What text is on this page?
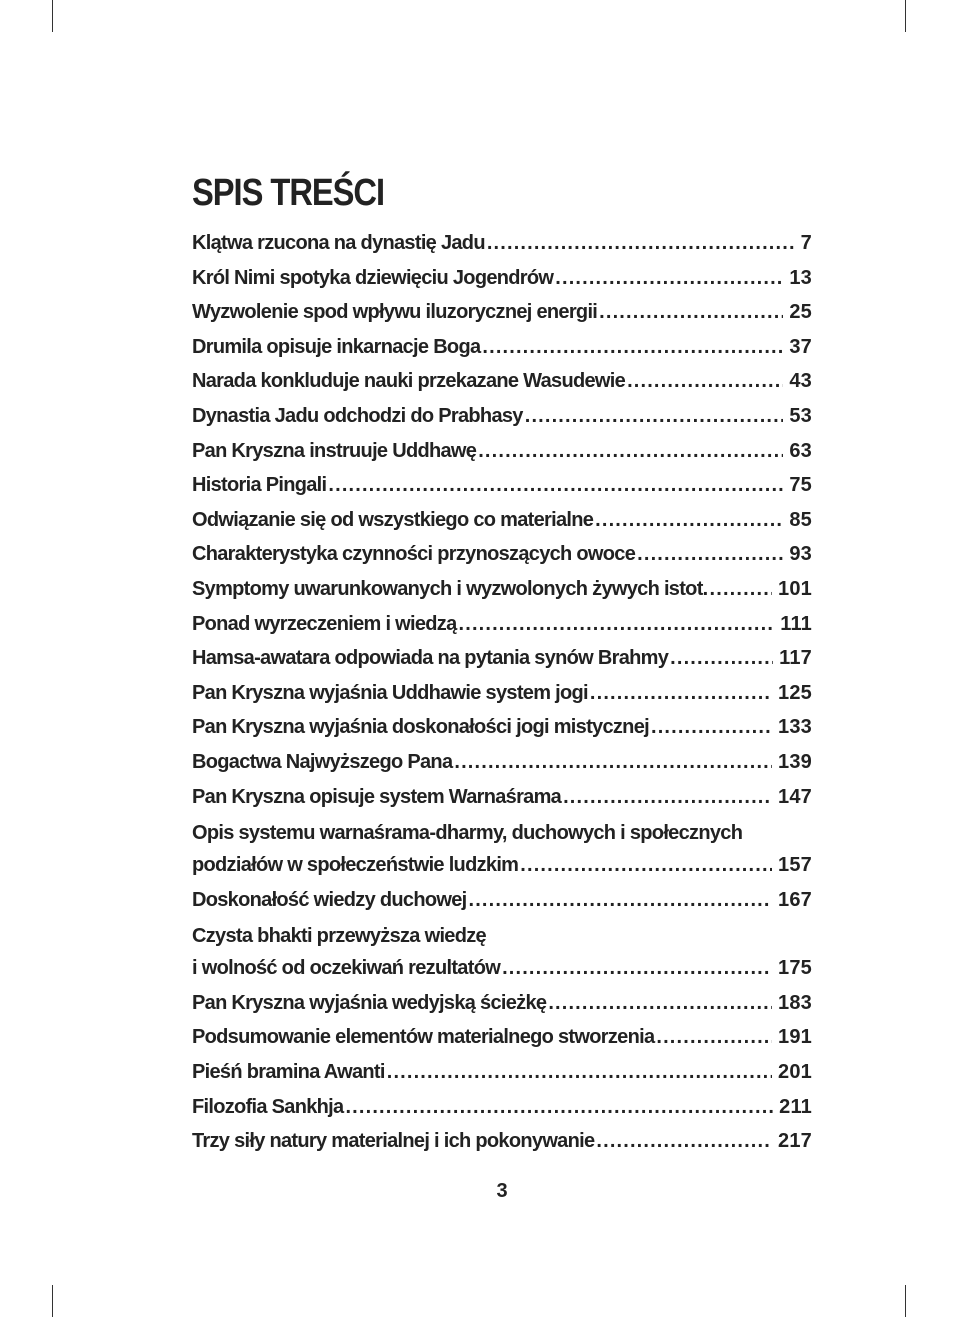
SPIS TREŚCI
Klątwa rzucona na dynastię Jadu . . .	7
Król Nimi spotyka dziewięciu Jogendrów . . .	13
Wyzwolenie spod wpływu iluzorycznej energii . . .	25
Drumila opisuje inkarnacje Boga . . .	37
Narada konkluduje nauki przekazane Wasudewie . . .	43
Dynastia Jadu odchodzi do Prabhasy . . .	53
Pan Kryszna instruuje Uddhawę . . .	63
Historia Pingali . . .	75
Odwiązanie się od wszystkiego co materialne . . .	85
Charakterystyka czynności przynoszących owoce . . .	93
Symptomy uwarunkowanych i wyzwolonych żywych istot. . . .	101
Ponad wyrzeczeniem i wiedzą . . .	111
Hamsa-awatara odpowiada na pytania synów Brahmy . . .	117
Pan Kryszna wyjaśnia Uddhawie system jogi . . .	125
Pan Kryszna wyjaśnia doskonałości jogi mistycznej . . .	133
Bogactwa Najwyższego Pana . . .	139
Pan Kryszna opisuje system Warnaśrama . . .	147
Opis systemu warnaśrama-dharmy, duchowych i społecznych
podziałów w społeczeństwie ludzkim . . .	157
Doskonałość wiedzy duchowej . . .	167
Czysta bhakti przewyższa wiedzę
i wolność od oczekiwań rezultatów . . .	175
Pan Kryszna wyjaśnia wedyjską ścieżkę . . .	183
Podsumowanie elementów materialnego stworzenia . . .	191
Pieśń bramina Awanti . . .	201
Filozofia Sankhja . . .	211
Trzy siły natury materialnej i ich pokonywanie . . .	217
3
